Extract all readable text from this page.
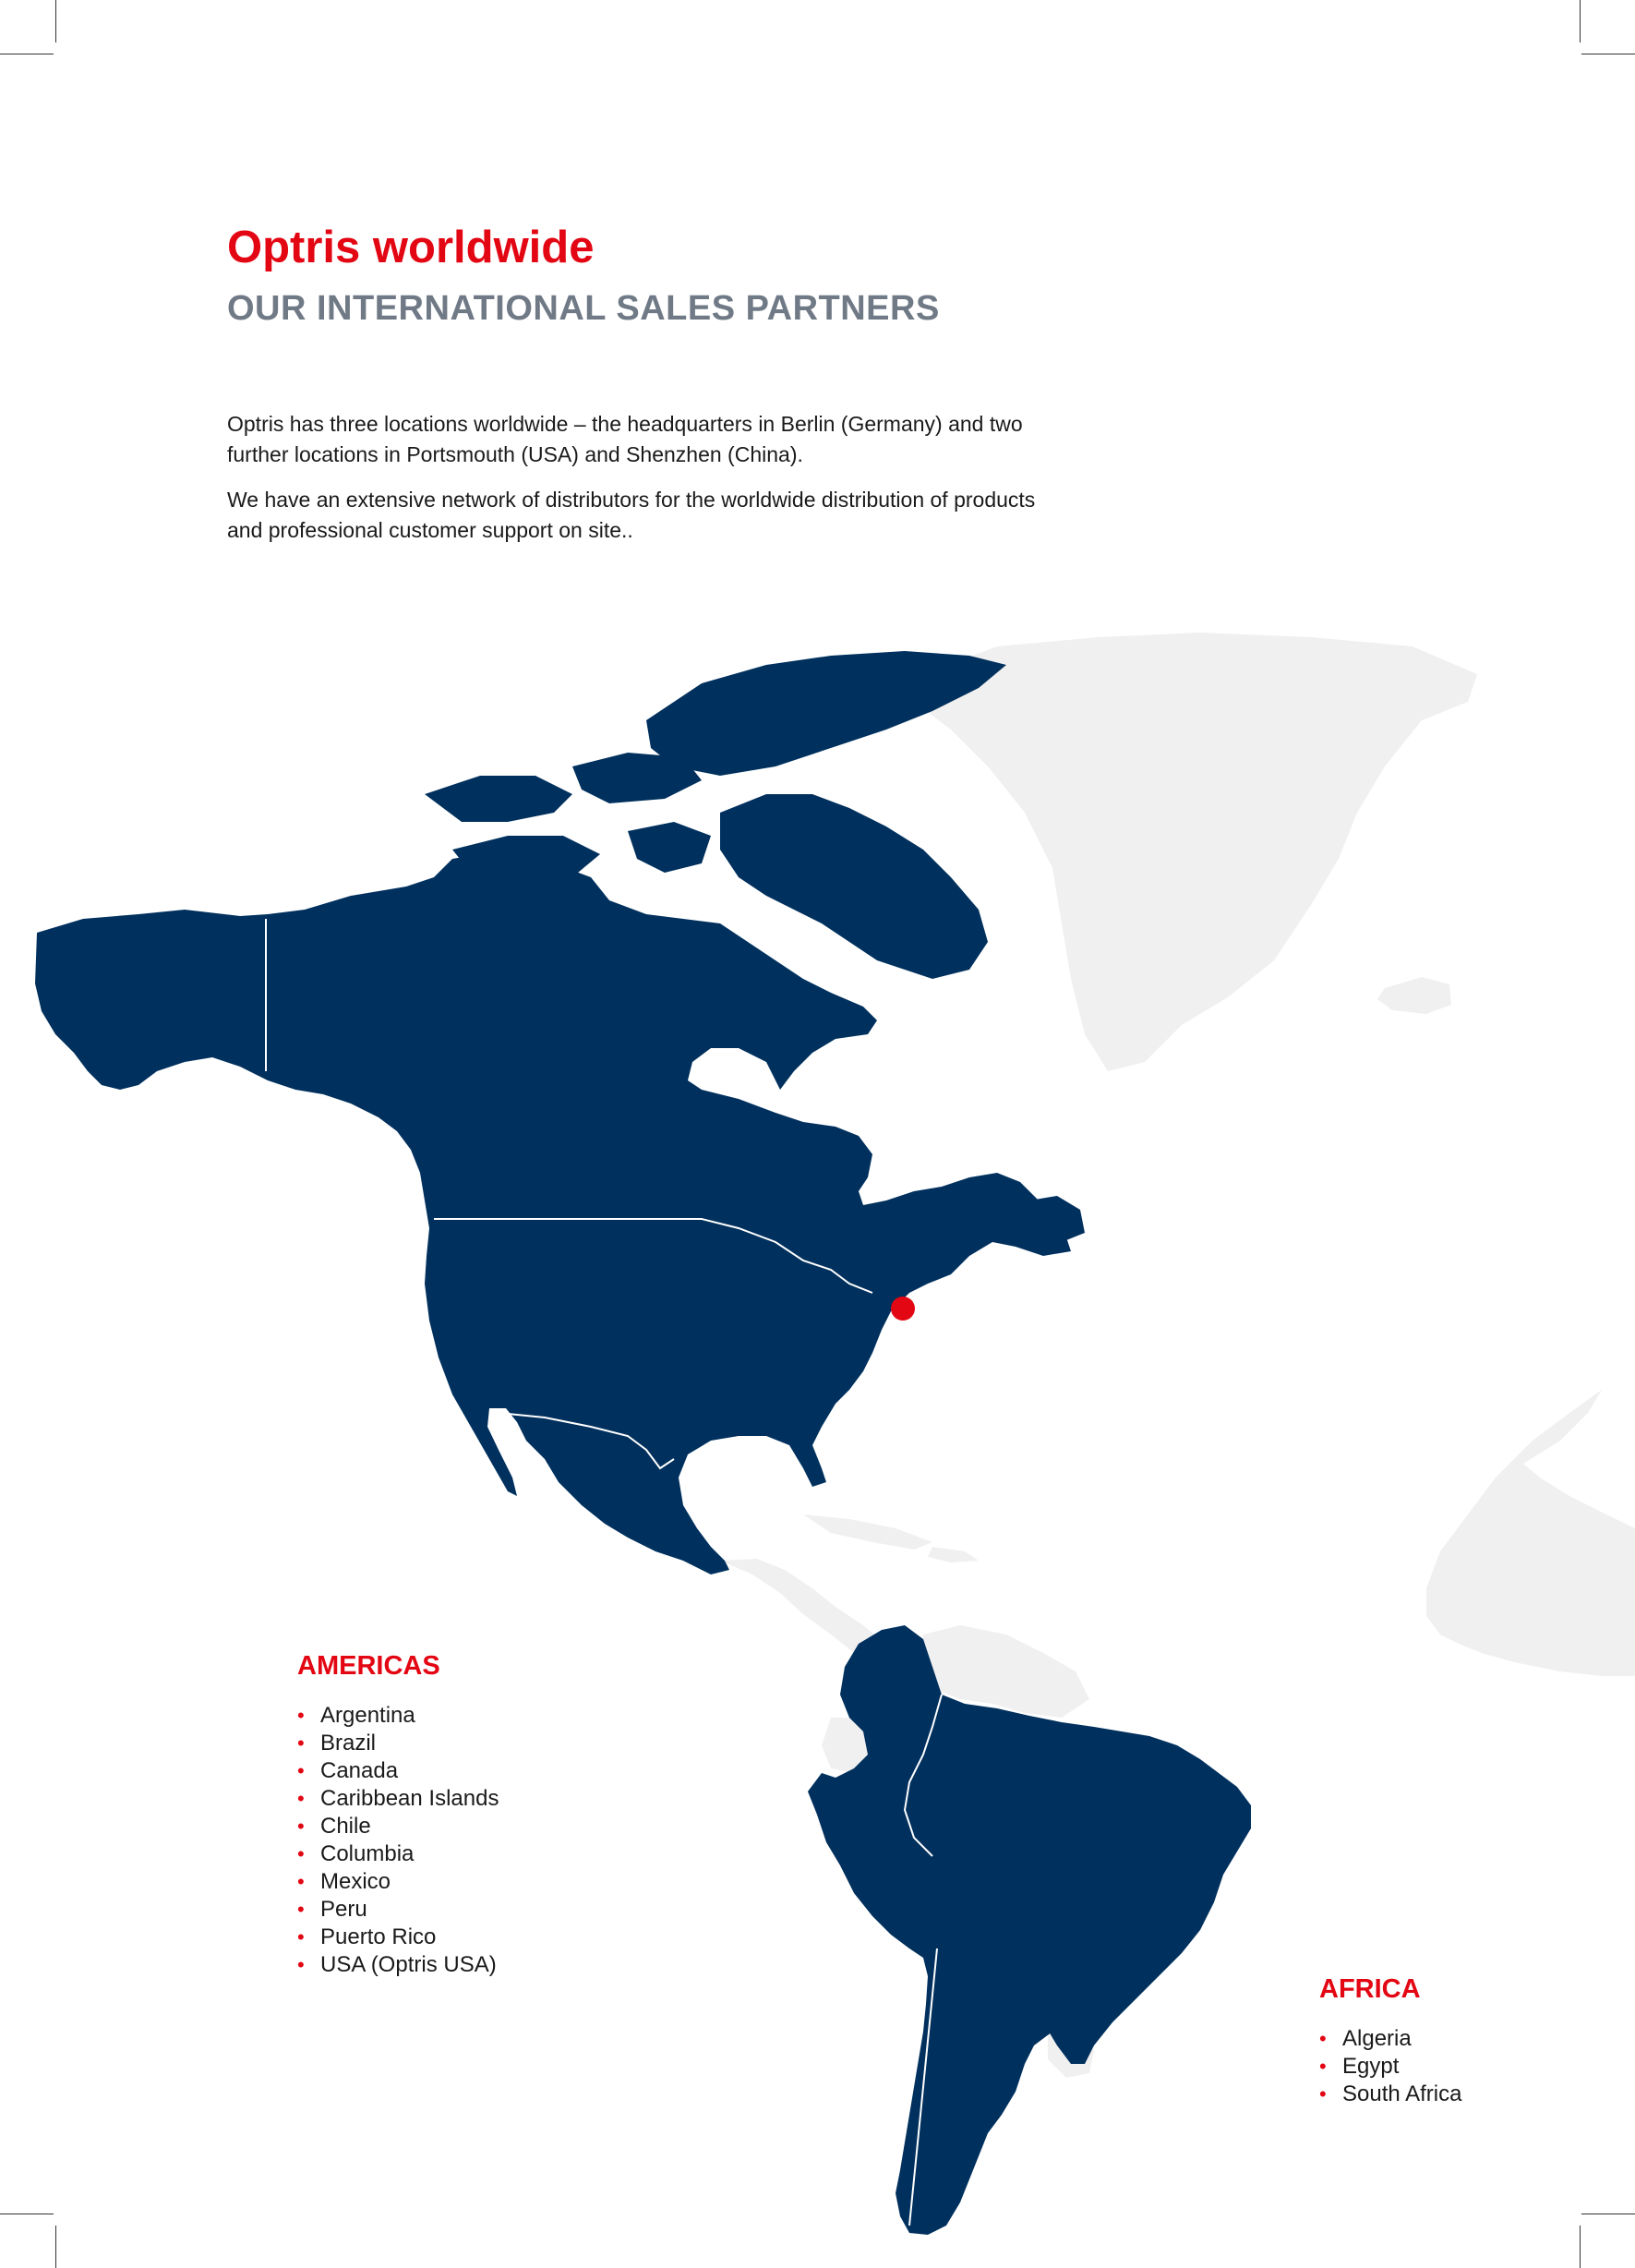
Optris worldwide
OUR INTERNATIONAL SALES PARTNERS

Optris has three locations worldwide – the headquarters in Berlin (Germany) and two further locations in Portsmouth (USA) and Shenzhen (China).

We have an extensive network of distributors for the worldwide distribution of products and professional customer support on site..

AMERICAS
• Argentina
• Brazil
• Canada
• Caribbean Islands
• Chile
• Columbia
• Mexico
• Peru
• Puerto Rico
• USA (Optris USA)
AFRICA
• Algeria
• Egypt
• South Africa
